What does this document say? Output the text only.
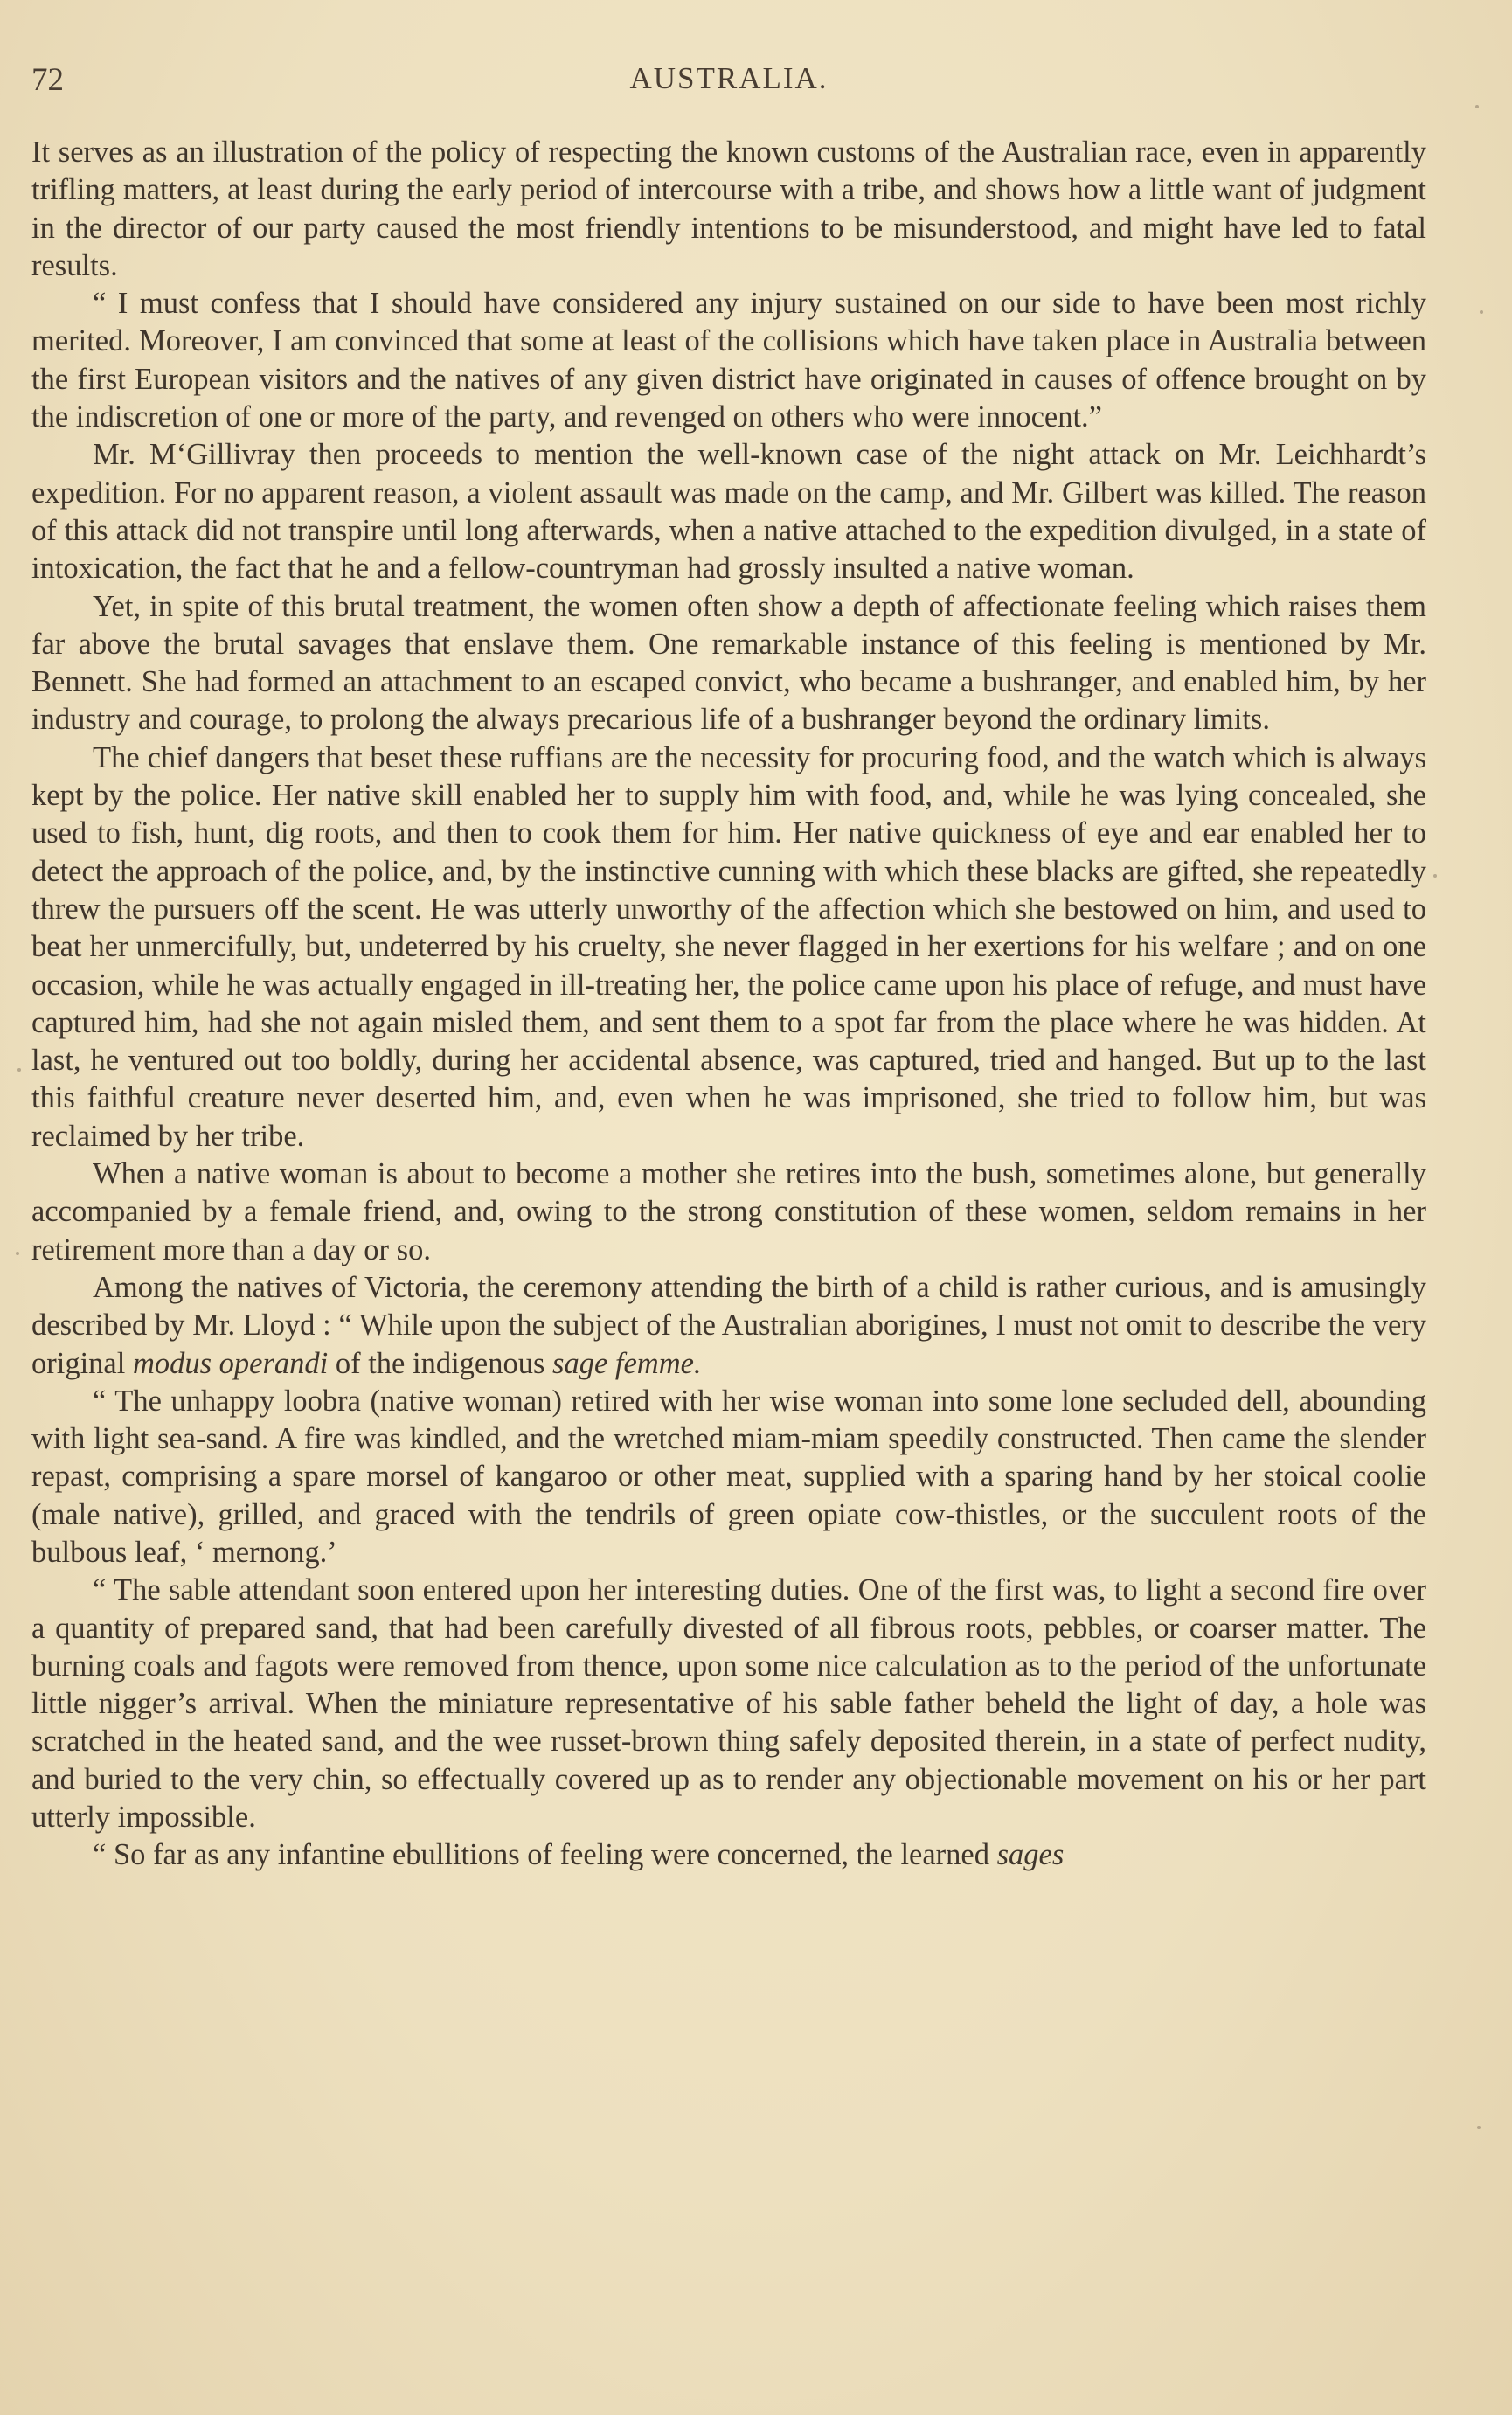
72	AUSTRALIA.

It serves as an illustration of the policy of respecting the known customs of the Australian race, even in apparently trifling matters, at least during the early period of intercourse with a tribe, and shows how a little want of judgment in the director of our party caused the most friendly intentions to be misunderstood, and might have led to fatal results.

“ I must confess that I should have considered any injury sustained on our side to have been most richly merited. Moreover, I am convinced that some at least of the collisions which have taken place in Australia between the first European visitors and the natives of any given district have originated in causes of offence brought on by the indiscretion of one or more of the party, and revenged on others who were innocent.”

Mr. M‘Gillivray then proceeds to mention the well-known case of the night attack on Mr. Leichhardt’s expedition. For no apparent reason, a violent assault was made on the camp, and Mr. Gilbert was killed. The reason of this attack did not transpire until long afterwards, when a native attached to the expedition divulged, in a state of intoxication, the fact that he and a fellow-countryman had grossly insulted a native woman.

Yet, in spite of this brutal treatment, the women often show a depth of affectionate feeling which raises them far above the brutal savages that enslave them. One remarkable instance of this feeling is mentioned by Mr. Bennett. She had formed an attachment to an escaped convict, who became a bushranger, and enabled him, by her industry and courage, to prolong the always precarious life of a bushranger beyond the ordinary limits.

The chief dangers that beset these ruffians are the necessity for procuring food, and the watch which is always kept by the police. Her native skill enabled her to supply him with food, and, while he was lying concealed, she used to fish, hunt, dig roots, and then to cook them for him. Her native quickness of eye and ear enabled her to detect the approach of the police, and, by the instinctive cunning with which these blacks are gifted, she repeatedly threw the pursuers off the scent. He was utterly unworthy of the affection which she bestowed on him, and used to beat her unmercifully, but, undeterred by his cruelty, she never flagged in her exertions for his welfare ; and on one occasion, while he was actually engaged in ill-treating her, the police came upon his place of refuge, and must have captured him, had she not again misled them, and sent them to a spot far from the place where he was hidden. At last, he ventured out too boldly, during her accidental absence, was captured, tried and hanged. But up to the last this faithful creature never deserted him, and, even when he was imprisoned, she tried to follow him, but was reclaimed by her tribe.

When a native woman is about to become a mother she retires into the bush, sometimes alone, but generally accompanied by a female friend, and, owing to the strong constitution of these women, seldom remains in her retirement more than a day or so.

Among the natives of Victoria, the ceremony attending the birth of a child is rather curious, and is amusingly described by Mr. Lloyd : “ While upon the subject of the Australian aborigines, I must not omit to describe the very original modus operandi of the indigenous sage femme.

“ The unhappy loobra (native woman) retired with her wise woman into some lone secluded dell, abounding with light sea-sand. A fire was kindled, and the wretched miam-miam speedily constructed. Then came the slender repast, comprising a spare morsel of kangaroo or other meat, supplied with a sparing hand by her stoical coolie (male native), grilled, and graced with the tendrils of green opiate cow-thistles, or the succulent roots of the bulbous leaf, ‘ mernong.’

“ The sable attendant soon entered upon her interesting duties. One of the first was, to light a second fire over a quantity of prepared sand, that had been carefully divested of all fibrous roots, pebbles, or coarser matter. The burning coals and fagots were removed from thence, upon some nice calculation as to the period of the unfortunate little nigger’s arrival. When the miniature representative of his sable father beheld the light of day, a hole was scratched in the heated sand, and the wee russet-brown thing safely deposited therein, in a state of perfect nudity, and buried to the very chin, so effectually covered up as to render any objectionable movement on his or her part utterly impossible.

“ So far as any infantine ebullitions of feeling were concerned, the learned sages
